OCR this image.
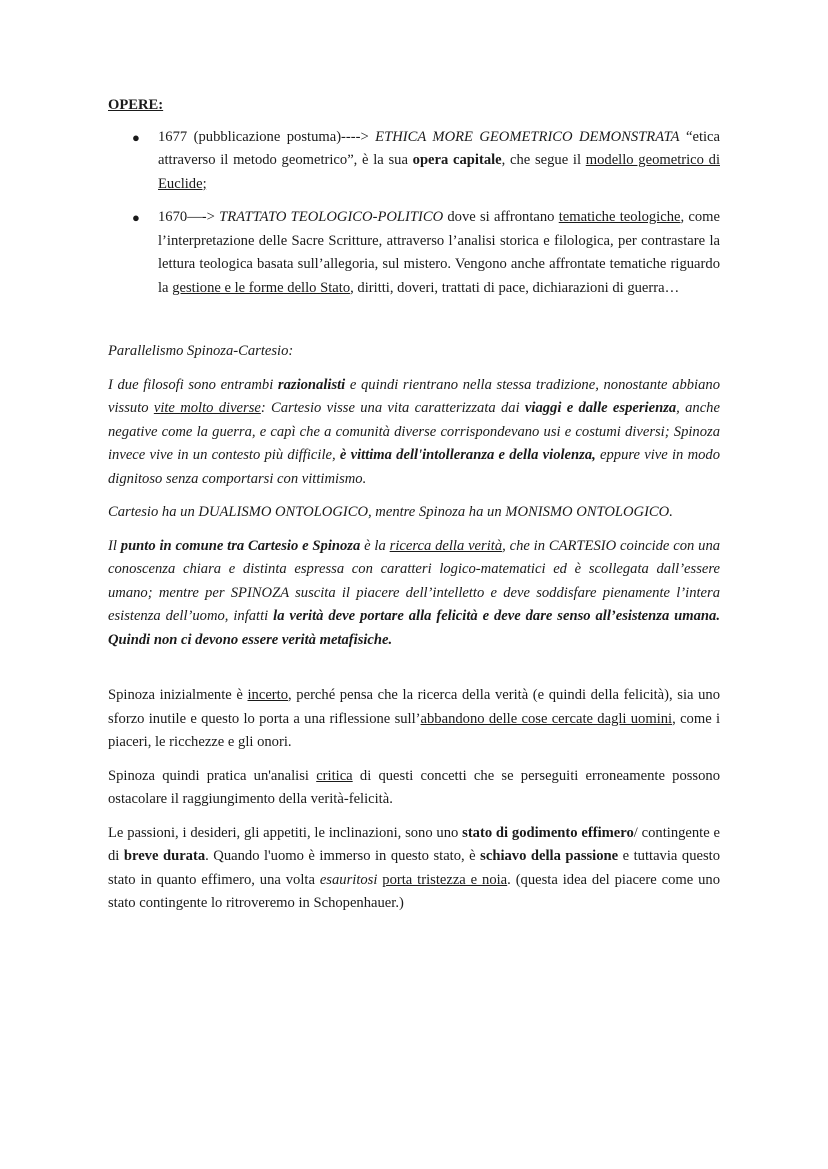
OPERE:
● 1677 (pubblicazione postuma)----> ETHICA MORE GEOMETRICO DEMONSTRATA “etica attraverso il metodo geometrico”, è la sua opera capitale, che segue il modello geometrico di Euclide;
● 1670—-> TRATTATO TEOLOGICO-POLITICO dove si affrontano tematiche teologiche, come l’interpretazione delle Sacre Scritture, attraverso l’analisi storica e filologica, per contrastare la lettura teologica basata sull’allegoria, sul mistero. Vengono anche affrontate tematiche riguardo la gestione e le forme dello Stato, diritti, doveri, trattati di pace, dichiarazioni di guerra…

Parallelismo Spinoza-Cartesio:

I due filosofi sono entrambi razionalisti e quindi rientrano nella stessa tradizione, nonostante abbiano vissuto vite molto diverse: Cartesio visse una vita caratterizzata dai viaggi e dalle esperienza, anche negative come la guerra, e capì che a comunità diverse corrispondevano usi e costumi diversi; Spinoza invece vive in un contesto più difficile, è vittima dell'intolleranza e della violenza, eppure vive in modo dignitoso senza comportarsi con vittimismo.

Cartesio ha un DUALISMO ONTOLOGICO, mentre Spinoza ha un MONISMO ONTOLOGICO.

Il punto in comune tra Cartesio e Spinoza è la ricerca della verità, che in CARTESIO coincide con una conoscenza chiara e distinta espressa con caratteri logico-matematici ed è scollegata dall’essere umano; mentre per SPINOZA suscita il piacere dell’intelletto e deve soddisfare pienamente l’intera esistenza dell’uomo, infatti la verità deve portare alla felicità e deve dare senso all’esistenza umana. Quindi non ci devono essere verità metafisiche.

Spinoza inizialmente è incerto, perché pensa che la ricerca della verità (e quindi della felicità), sia uno sforzo inutile e questo lo porta a una riflessione sull’abbandono delle cose cercate dagli uomini, come i piaceri, le ricchezze e gli onori.

Spinoza quindi pratica un'analisi critica di questi concetti che se perseguiti erroneamente possono ostacolare il raggiungimento della verità-felicità.

Le passioni, i desideri, gli appetiti, le inclinazioni, sono uno stato di godimento effimero/ contingente e di breve durata. Quando l'uomo è immerso in questo stato, è schiavo della passione e tuttavia questo stato in quanto effimero, una volta esauritosi porta tristezza e noia. (questa idea del piacere come uno stato contingente lo ritroveremo in Schopenhauer.)
